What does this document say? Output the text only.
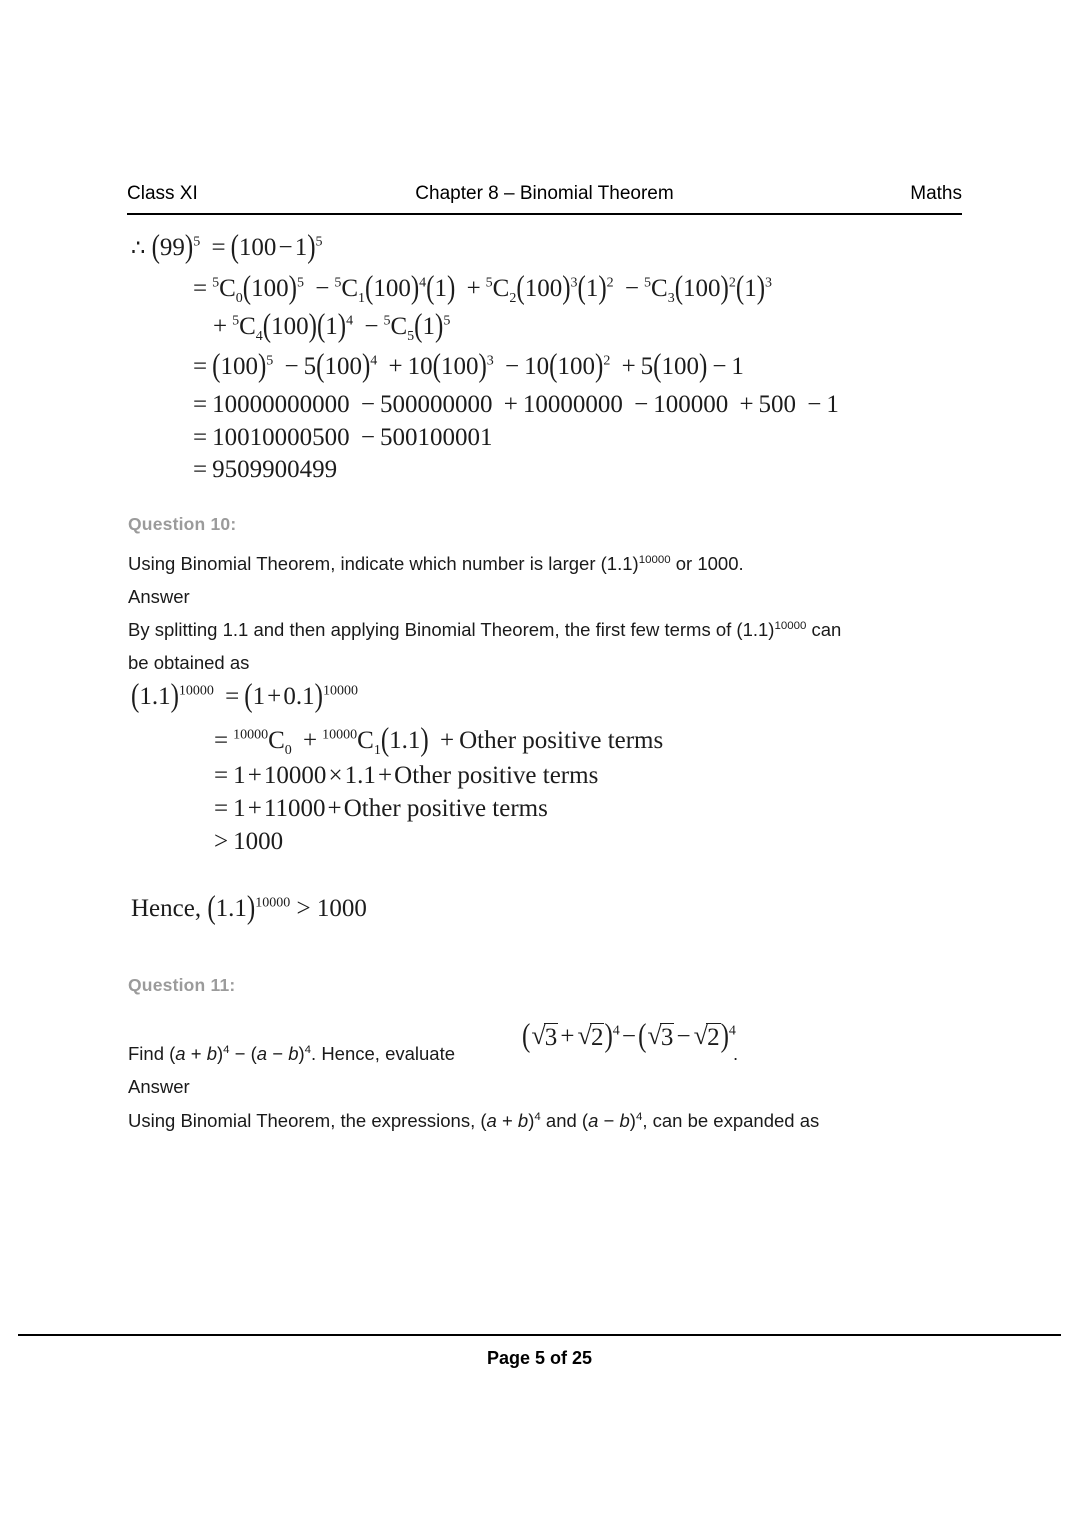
Class XI	Chapter 8 – Binomial Theorem	Maths
∴ $(99)^5 = (100$ − 1)$^5$
= $^5C_0(100)^5 - ^5C_1(100)^4(1) + ^5C_2(100)^3(1)^2 - ^5C_3(100)^2(1)^3$
+ $^5C_4(100)(1)^4 - ^5C_5(1)^5$
= $(100)^5 - 5(100)^4 + 10(100)^3 - 10(100)^2 + 5(100) - 1$
= 10000000000  − 500000000  + 10000000  − 100000  + 500  − 1
= 10010000500  − 500100001
= 9509900499
Question 10:
Using Binomial Theorem, indicate which number is larger $(1.1)^{10000}$ or 1000.
Answer
By splitting 1.1 and then applying Binomial Theorem, the first few terms of $(1.1)^{10000}$ can
be obtained as
$(1.1)^{10000} = (1$ + 0.1)$^{10000}$
= $^{10000}C_0 + ^{10000}C_1(1.1)$  + Other positive terms
= 1 + 10000 × 1.1 + Other positive terms
= 1 + 11000 + Other positive terms
> 1000
Hence, $(1.1)^{10000} > 1000$
Question 11:
Find $(a + b)^4 - (a - b)^4$. Hence, evaluate	(√3  +  √2)$^4$ − (√3  −  √2)$^4$
.
Answer
Using Binomial Theorem, the expressions, $(a + b)^4$ and $(a - b)^4$, can be expanded as
Page 5 of 25
